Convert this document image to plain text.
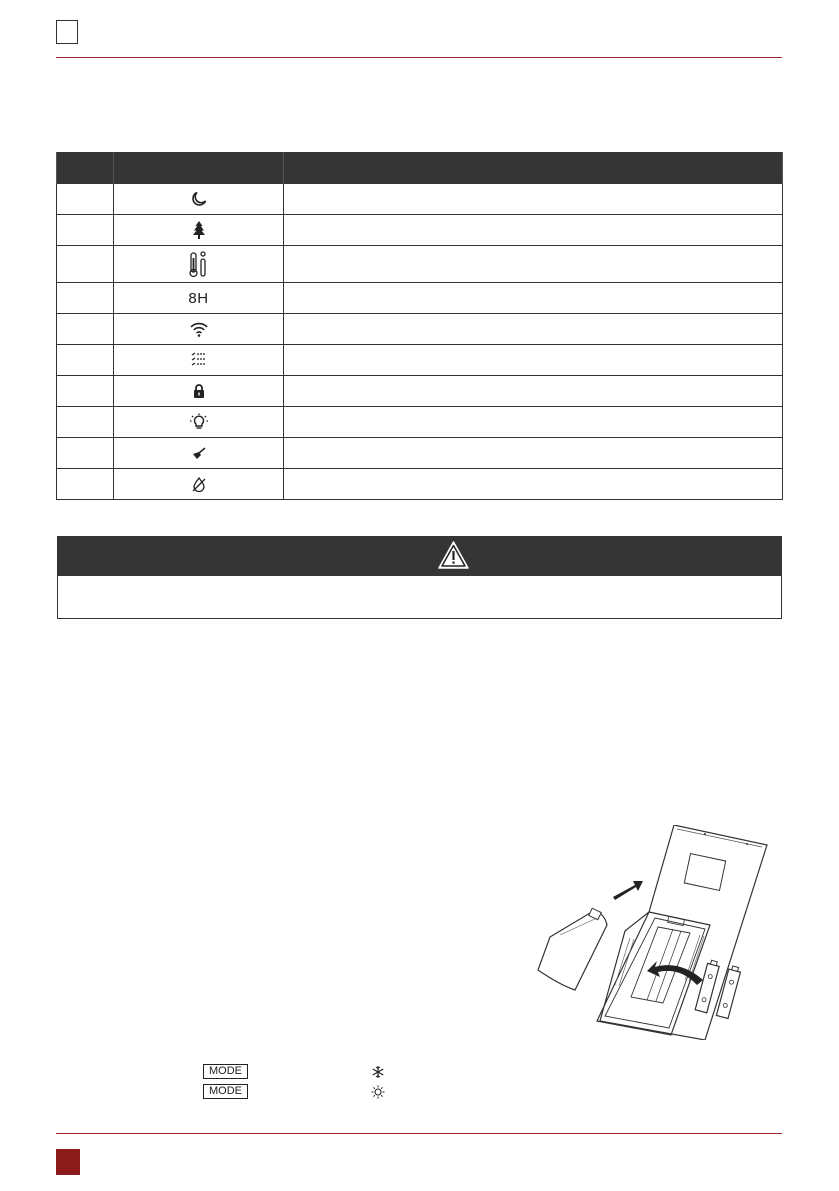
	8H	

MODE
MODE
